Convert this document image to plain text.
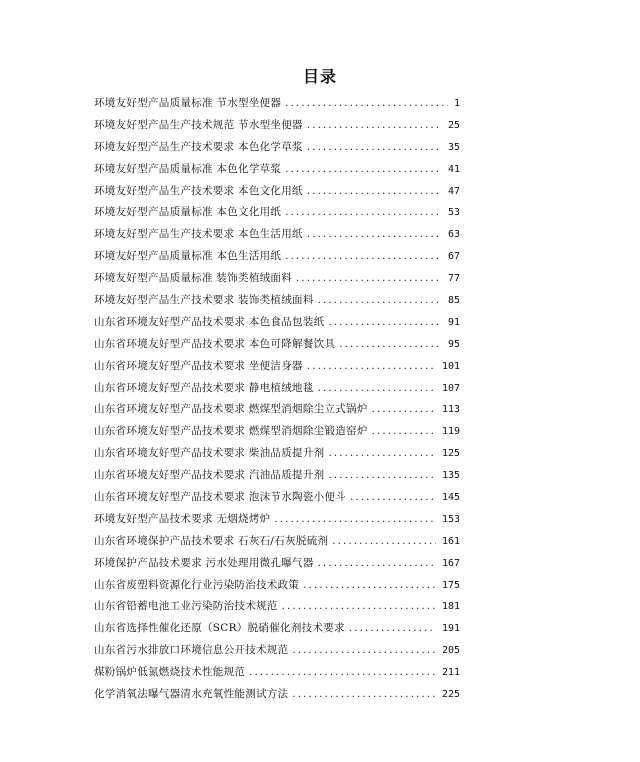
目录
环境友好型产品质量标准 节水型坐便器 .....	1
环境友好型产品生产技术规范 节水型坐便器 .....	25
环境友好型产品生产技术要求 本色化学草浆 .....	35
环境友好型产品质量标准 本色化学草浆 .....	41
环境友好型产品生产技术要求 本色文化用纸 .....	47
环境友好型产品质量标准 本色文化用纸 .....	53
环境友好型产品生产技术要求 本色生活用纸 .....	63
环境友好型产品质量标准 本色生活用纸 .....	67
环境友好型产品质量标准 装饰类植绒面料 .....	77
环境友好型产品生产技术要求 装饰类植绒面料 .....	85
山东省环境友好型产品技术要求 本色食品包装纸 .....	91
山东省环境友好型产品技术要求 本色可降解餐饮具 .....	95
山东省环境友好型产品技术要求 坐便洁身器 .....	101
山东省环境友好型产品技术要求 静电植绒地毯 .....	107
山东省环境友好型产品技术要求 燃煤型消烟除尘立式锅炉 .....	113
山东省环境友好型产品技术要求 燃煤型消烟除尘锻造窑炉 .....	119
山东省环境友好型产品技术要求 柴油品质提升剂 .....	125
山东省环境友好型产品技术要求 汽油品质提升剂 .....	135
山东省环境友好型产品技术要求 泡沫节水陶瓷小便斗 .....	145
环境友好型产品技术要求 无烟烧烤炉 .....	153
山东省环境保护产品技术要求 石灰石/石灰脱硫剂 .....	161
环境保护产品技术要求 污水处理用微孔曝气器 .....	167
山东省废塑料资源化行业污染防治技术政策 .....	175
山东省铅蓄电池工业污染防治技术规范 .....	181
山东省选择性催化还原（SCR）脱硝催化剂技术要求 .....	191
山东省污水排放口环境信息公开技术规范 .....	205
煤粉锅炉低氮燃烧技术性能规范 .....	211
化学消氧法曝气器清水充氧性能测试方法 .....	225
